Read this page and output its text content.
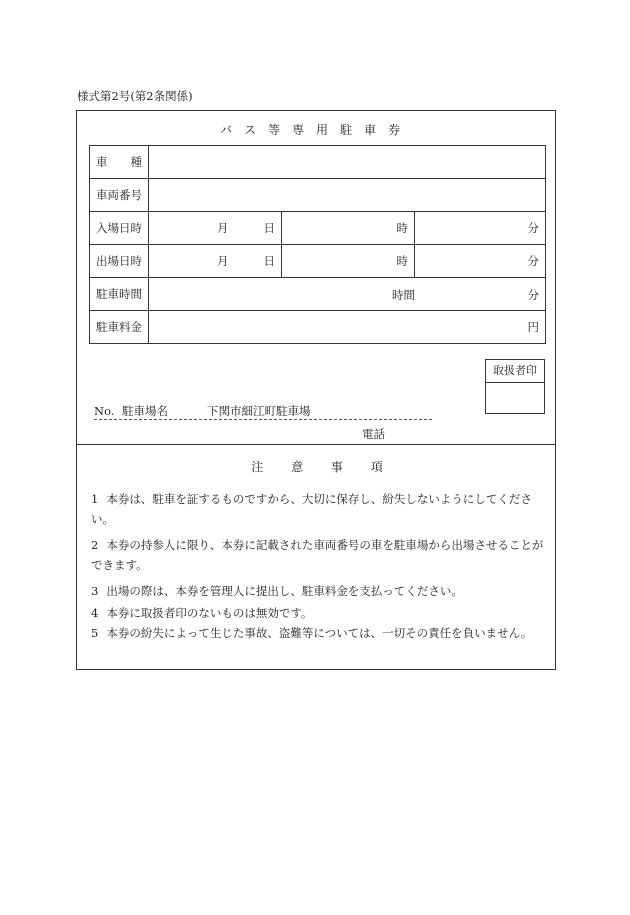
様式第2号(第2条関係)
バス等専用駐車券
車　　種			
車両番号			
入場日時	月 日	時	分
出場日時	月 日	時	分
駐車時間	時間 分		

駐車料金	円		
取扱者印
No. 駐車場名	下関市細江町駐車場
電話
注 意 事 項
1 本券は、駐車を証するものですから、大切に保存し、紛失しないようにしてください。
2 本券の持参人に限り、本券に記載された車両番号の車を駐車場から出場させることができます。
3 出場の際は、本券を管理人に提出し、駐車料金を支払ってください。
4 本券に取扱者印のないものは無効です。
5 本券の紛失によって生じた事故、盗難等については、一切その責任を負いません。
